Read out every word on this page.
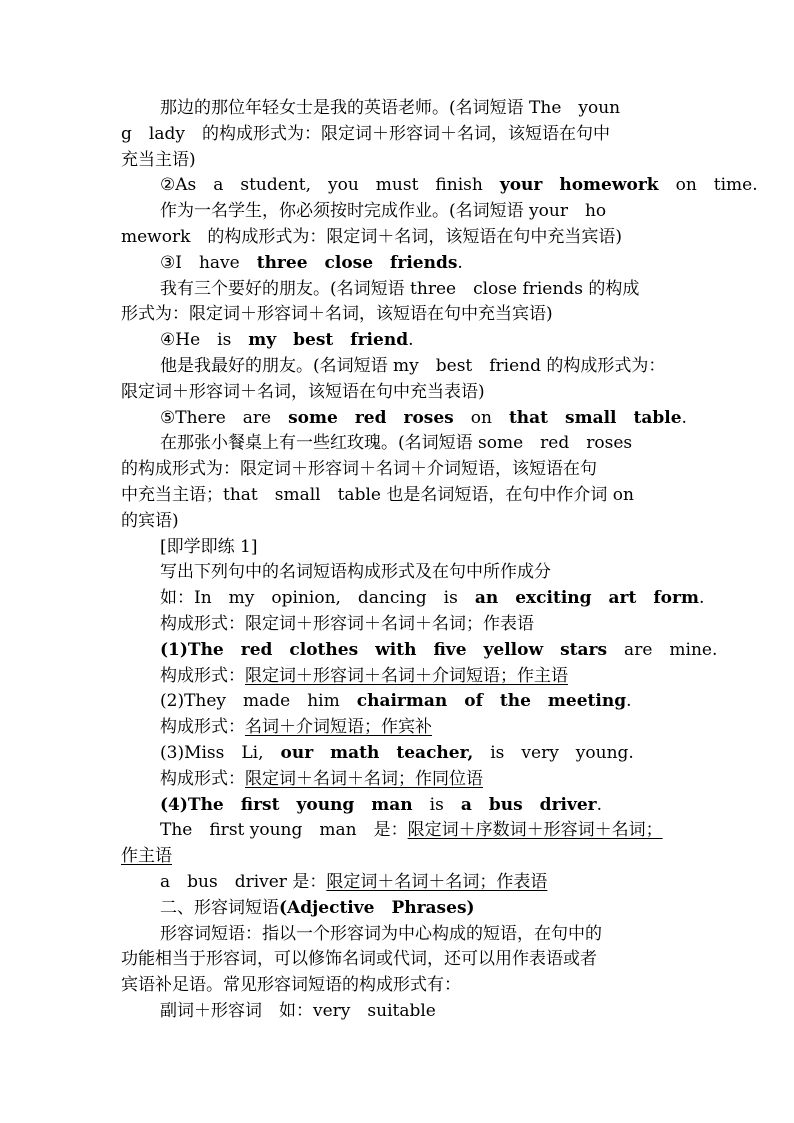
那边的那位年轻女士是我的英语老师。(名词短语 The　youn
g　lady　的构成形式为：限定词＋形容词＋名词，该短语在句中
充当主语)
②As　a　student,　you　must　finish　your　homework　on　time.
作为一名学生，你必须按时完成作业。(名词短语 your　ho
mework　的构成形式为：限定词＋名词，该短语在句中充当宾语)
③I　have　three　close　friends.
我有三个要好的朋友。(名词短语 three　close friends 的构成
形式为：限定词＋形容词＋名词，该短语在句中充当宾语)
④He　is　my　best　friend.
他是我最好的朋友。(名词短语 my　best　friend 的构成形式为：
限定词＋形容词＋名词，该短语在句中充当表语)
⑤There　are　some　red　roses　on　that　small　table.
在那张小餐桌上有一些红玫瑰。(名词短语 some　red　roses
的构成形式为：限定词＋形容词＋名词＋介词短语，该短语在句
中充当主语；that　small　table 也是名词短语，在句中作介词 on
的宾语)
[即学即练 1]
写出下列句中的名词短语构成形式及在句中所作成分
如：In　my　opinion,　dancing　is　an　exciting　art　form.
构成形式：限定词＋形容词＋名词＋名词；作表语
(1)The　red　clothes　with　five　yellow　stars　are　mine.
构成形式：限定词＋形容词＋名词＋介词短语；作主语
(2)They　made　him　chairman　of　the　meeting.
构成形式：名词＋介词短语；作宾补
(3)Miss　Li,　our　math　teacher,　is　very　young.
构成形式：限定词＋名词＋名词；作同位语
(4)The　first　young　man　is　a　bus　driver.
The　first young　man　是：限定词＋序数词＋形容词＋名词；
作主语
a　bus　driver 是：限定词＋名词＋名词；作表语
二、形容词短语(Adjective　Phrases)
形容词短语：指以一个形容词为中心构成的短语，在句中的
功能相当于形容词，可以修饰名词或代词，还可以用作表语或者
宾语补足语。常见形容词短语的构成形式有：
副词＋形容词　如：very　suitable
